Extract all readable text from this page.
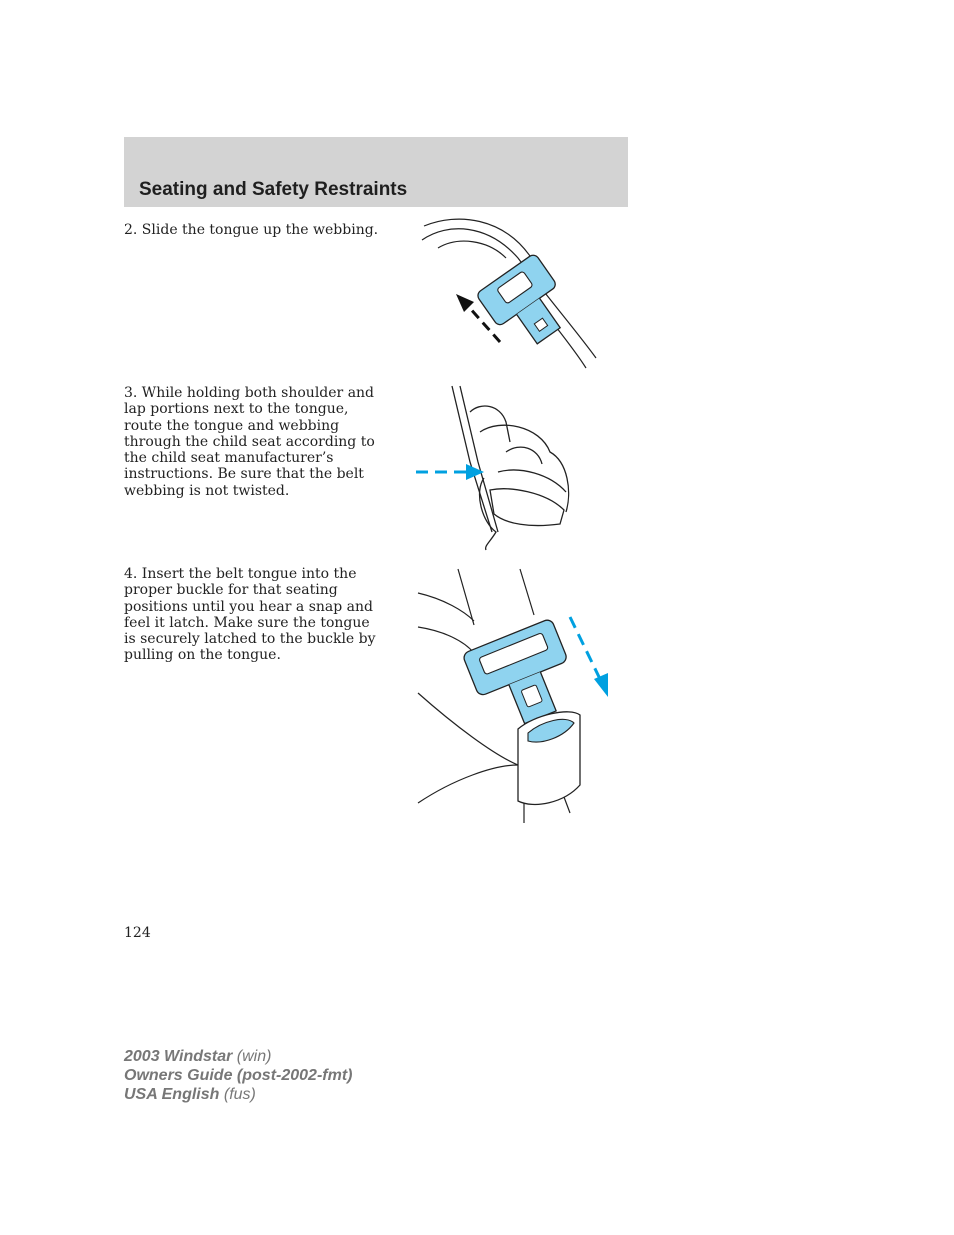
Seating and Safety Restraints

2. Slide the tongue up the webbing.

3. While holding both shoulder and lap portions next to the tongue, route the tongue and webbing through the child seat according to the child seat manufacturer’s instructions. Be sure that the belt webbing is not twisted.

4. Insert the belt tongue into the proper buckle for that seating positions until you hear a snap and feel it latch. Make sure the tongue is securely latched to the buckle by pulling on the tongue.

124
2003 Windstar (win)
Owners Guide (post-2002-fmt)
USA English (fus)
